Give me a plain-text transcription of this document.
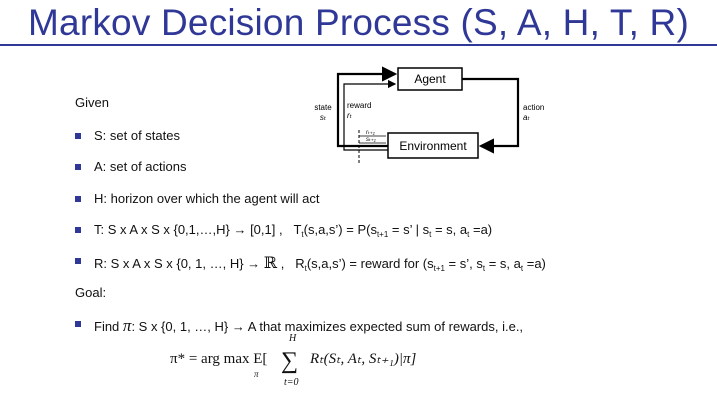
Markov Decision Process (S, A, H, T, R)
Given
Agent
Environment
state
sₜ
reward
rₜ
action
aₜ
rₜ₊₁
sₜ₊₁
S: set of states
A: set of actions
H: horizon over which the agent will act
T: S x A x S x {0,1,…,H} → [0,1] , $T_t(s,a,s’) = P(s_{t+1} = s$’ | $s_t = s$, $a_t =a$)
R: S x A x S x {0, 1, …, H} → ℝ , $R_t(s,a,s’)$ = reward for ($s_{t+1} = s$’, $s_t = s$, $a_t =a$)
Goal:
Find π: S x {0, 1, …, H} → A that maximizes expected sum of rewards, i.e.,
π* = arg max E[
π
H
∑
t=0
Rₜ(Sₜ, Aₜ, Sₜ₊₁)|π]
